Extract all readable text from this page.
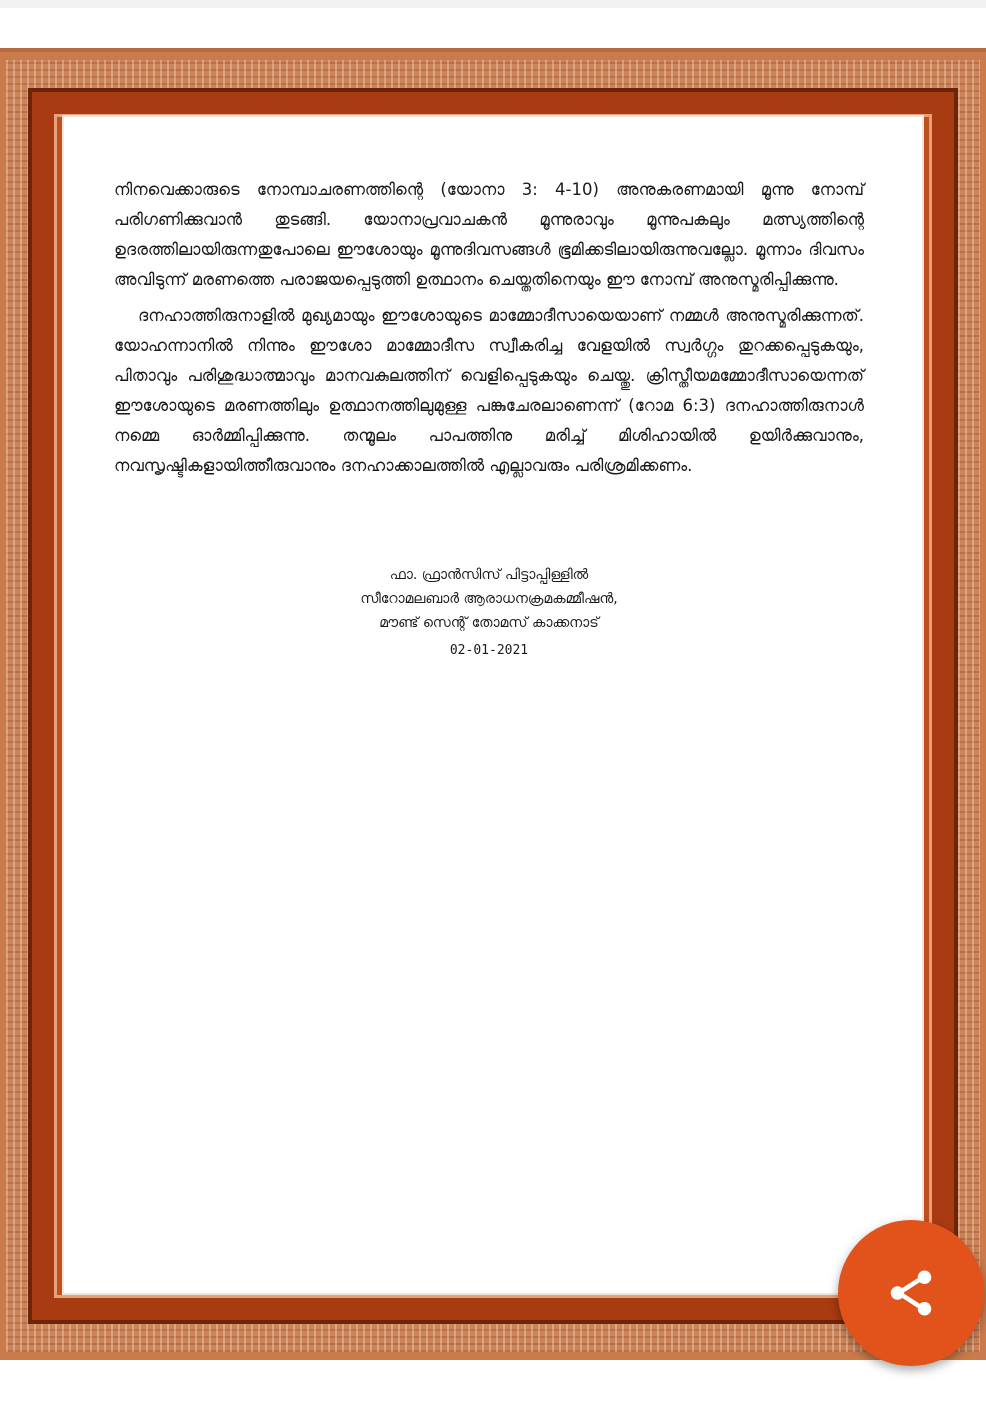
നിനവെക്കാരുടെ നോമ്പാചരണത്തിന്റെ (യോനാ 3: 4-10) അനുകരണമായി മൂന്നു നോമ്പ് പരിഗണിക്കുവാൻ തുടങ്ങി. യോനാപ്രവാചകൻ മൂന്നുരാവും മൂന്നുപകലും മത്സ്യത്തിന്റെ ഉദരത്തിലായിരുന്നതുപോലെ ഈശോയും മൂന്നുദിവസങ്ങൾ ഭൂമിക്കടിലായിരുന്നുവല്ലോ. മൂന്നാം ദിവസം അവിടുന്ന് മരണത്തെ പരാജയപ്പെടുത്തി ഉത്ഥാനം ചെയ്തതിനെയും ഈ നോമ്പ് അനുസ്മരിപ്പിക്കുന്നു.

ദനഹാത്തിരുനാളിൽ മുഖ്യമായും ഈശോയുടെ മാമ്മോദീസായെയാണ് നമ്മൾ അനുസ്മരിക്കുന്നത്. യോഹന്നാനിൽ നിന്നും ഈശോ മാമ്മോദീസ സ്വീകരിച്ച വേളയിൽ സ്വർഗ്ഗം തുറക്കപ്പെടുകയും, പിതാവും പരിശുദ്ധാത്മാവും മാനവകുലത്തിന് വെളിപ്പെടുകയും ചെയ്തു. ക്രിസ്തീയമമ്മോദീസായെന്നത് ഈശോയുടെ മരണത്തിലും ഉത്ഥാനത്തിലുമുള്ള പങ്കുചേരലാണെന്ന് (റോമ 6:3) ദനഹാത്തിരുനാൾ നമ്മെ ഓർമ്മിപ്പിക്കുന്നു. തന്മൂലം പാപത്തിനു മരിച്ച് മിശിഹായിൽ ഉയിർക്കുവാനും, നവസൃഷ്ടികളായിത്തീരുവാനും ദനഹാക്കാലത്തിൽ എല്ലാവരും പരിശ്രമിക്കണം.

ഫാ. ഫ്രാൻസിസ് പിട്ടാപ്പിള്ളിൽ
സീറോമലബാർ ആരാധനക്രമകമ്മീഷൻ,
മൗണ്ട് സെന്റ് തോമസ് കാക്കനാട്
02-01-2021
